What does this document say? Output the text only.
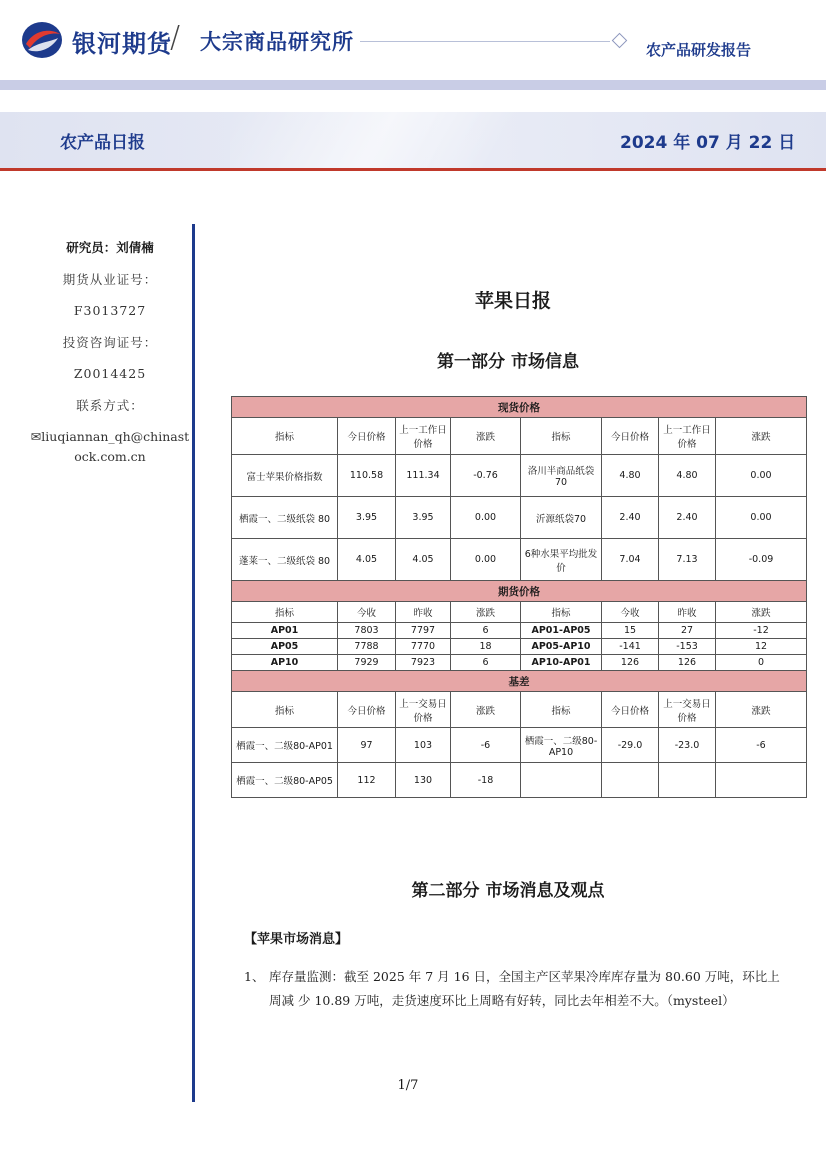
银河期货
/ 大宗商品研究所	农产品研发报告
农产品日报	2024 年 07 月 22 日
研究员：刘倩楠
期货从业证号：
F3013727
投资咨询证号：
Z0014425
联系方式：
✉liuqiannan_qh@chinastock.com.cn
苹果日报
第一部分 市场信息
现货价格							
指标	今日价格	上一工作日价格	涨跌	指标	今日价格	上一工作日价格	涨跌
富士苹果价格指数	110.58	111.34	-0.76	洛川半商品纸袋70	4.80	4.80	0.00
栖霞一、二级纸袋 80	3.95	3.95	0.00	沂源纸袋70	2.40	2.40	0.00
蓬莱一、二级纸袋 80	4.05	4.05	0.00	6种水果平均批发价	7.04	7.13	-0.09
期货价格							
指标	今收	昨收	涨跌	指标	今收	昨收	涨跌
AP01	7803	7797	6	AP01-AP05	15	27	-12
AP05	7788	7770	18	AP05-AP10	-141	-153	12
AP10	7929	7923	6	AP10-AP01	126	126	0
基差							
指标	今日价格	上一交易日价格	涨跌	指标	今日价格	上一交易日价格	涨跌
栖霞一、二级80-AP01	97	103	-6	栖霞一、二级80-AP10	-29.0	-23.0	-6
栖霞一、二级80-AP05	112	130	-18				
第二部分 市场消息及观点
【苹果市场消息】
1、 库存量监测：截至 2025 年 7 月 16 日，全国主产区苹果冷库库存量为 80.60 万吨，环比上周减 少 10.89 万吨，走货速度环比上周略有好转，同比去年相差不大。（mysteel）
1/7
